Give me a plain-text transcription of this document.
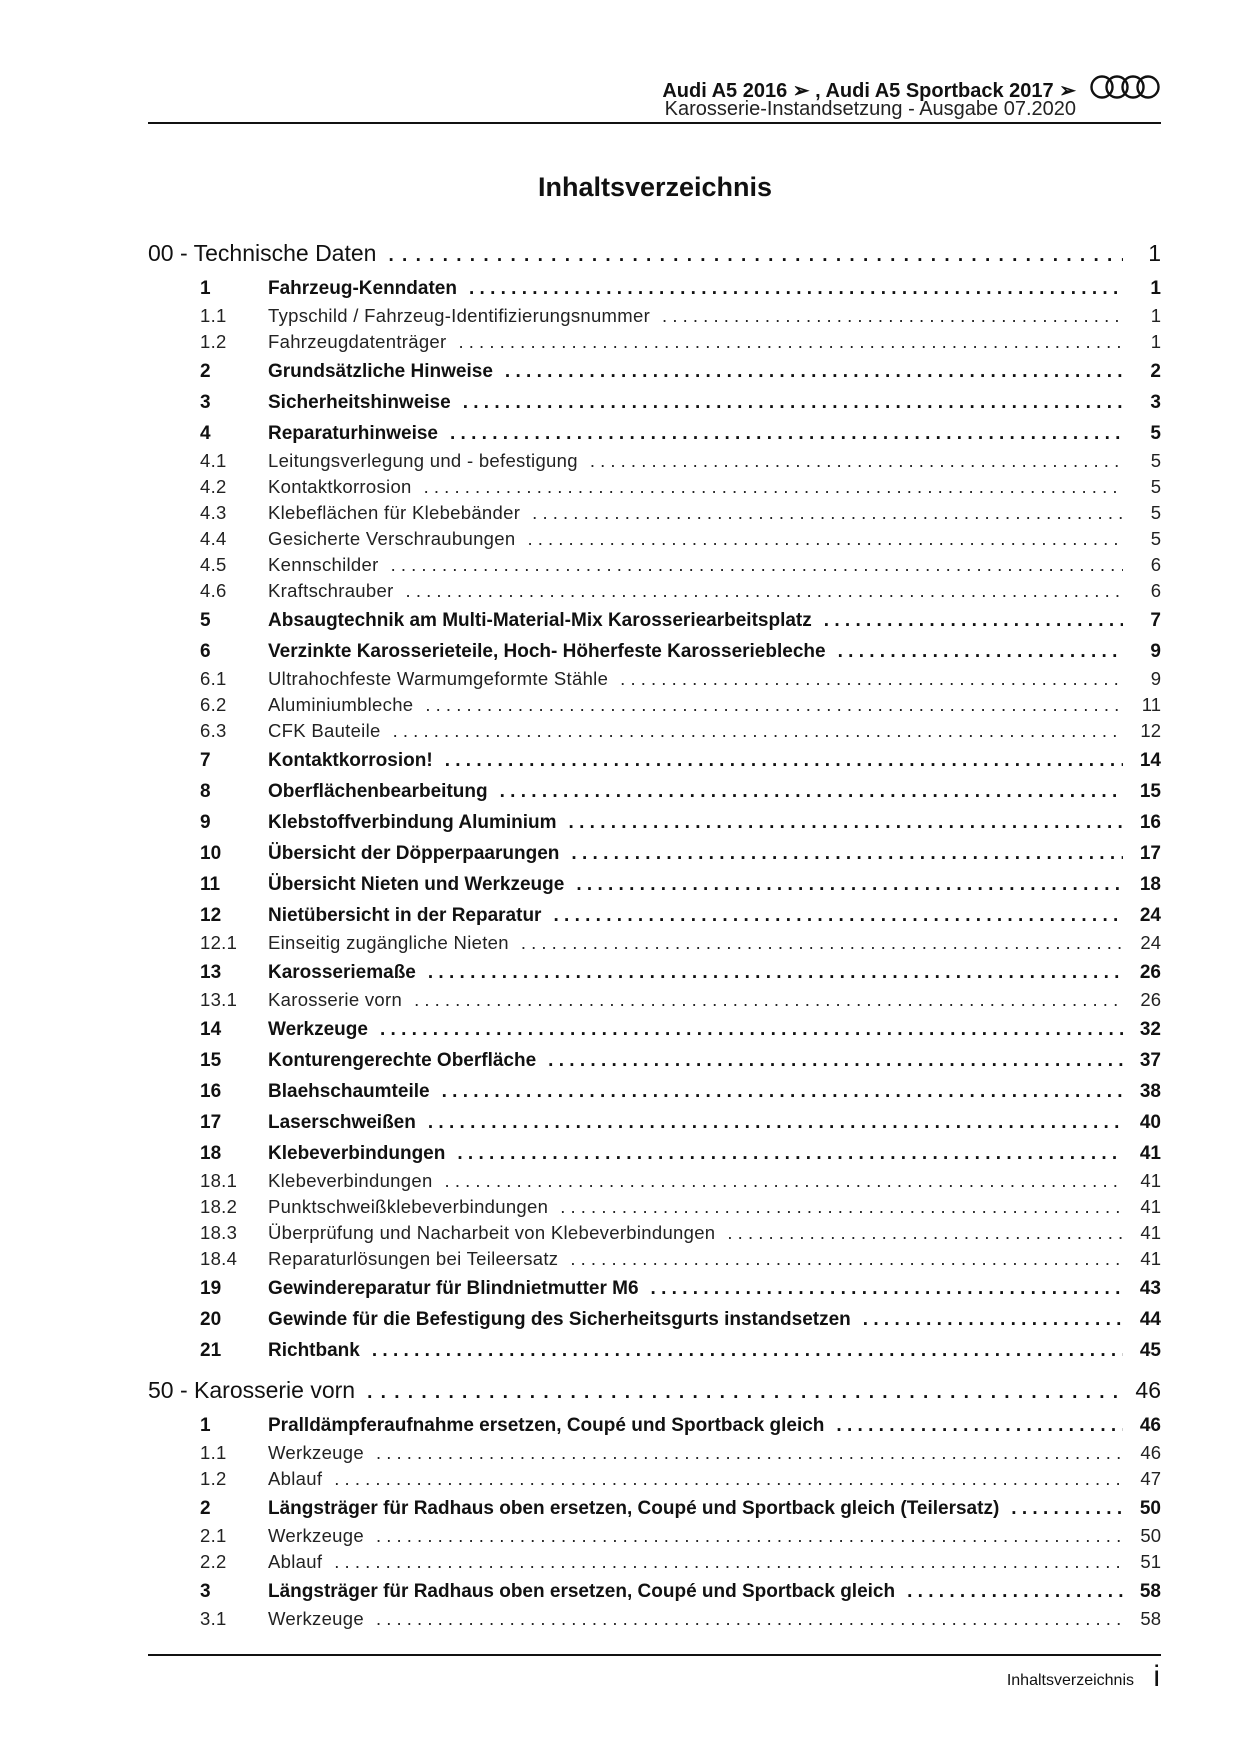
Audi A5 2016 ➢ , Audi A5 Sportback 2017 ➢
Karosserie-Instandsetzung - Ausgabe 07.2020
Inhaltsverzeichnis
00 - Technische Daten . . .	1
1	Fahrzeug-Kenndaten . . .	1
1.1	Typschild / Fahrzeug-Identifizierungsnummer . . .	1
1.2	Fahrzeugdatenträger . . .	1
2	Grundsätzliche Hinweise . . .	2
3	Sicherheitshinweise . . .	3
4	Reparaturhinweise . . .	5
4.1	Leitungsverlegung und - befestigung . . .	5
4.2	Kontaktkorrosion . . .	5
4.3	Klebeflächen für Klebebänder . . .	5
4.4	Gesicherte Verschraubungen . . .	5
4.5	Kennschilder . . .	6
4.6	Kraftschrauber . . .	6
5	Absaugtechnik am Multi-Material-Mix Karosseriearbeitsplatz . . .	7
6	Verzinkte Karosserieteile, Hoch- Höherfeste Karosseriebleche . . .	9
6.1	Ultrahochfeste Warmumgeformte Stähle . . .	9
6.2	Aluminiumbleche . . .	11
6.3	CFK Bauteile . . .	12
7	Kontaktkorrosion! . . .	14
8	Oberflächenbearbeitung . . .	15
9	Klebstoffverbindung Aluminium . . .	16
10	Übersicht der Döpperpaarungen . . .	17
11	Übersicht Nieten und Werkzeuge . . .	18
12	Nietübersicht in der Reparatur . . .	24
12.1	Einseitig zugängliche Nieten . . .	24
13	Karosseriemaße . . .	26
13.1	Karosserie vorn . . .	26
14	Werkzeuge . . .	32
15	Konturengerechte Oberfläche . . .	37
16	Blaehschaumteile . . .	38
17	Laserschweißen . . .	40
18	Klebeverbindungen . . .	41
18.1	Klebeverbindungen . . .	41
18.2	Punktschweißklebeverbindungen . . .	41
18.3	Überprüfung und Nacharbeit von Klebeverbindungen . . .	41
18.4	Reparaturlösungen bei Teileersatz . . .	41
19	Gewindereparatur für Blindnietmutter M6 . . .	43
20	Gewinde für die Befestigung des Sicherheitsgurts instandsetzen . . .	44
21	Richtbank . . .	45
50 - Karosserie vorn . . .	46
1	Pralldämpferaufnahme ersetzen, Coupé und Sportback gleich . . .	46
1.1	Werkzeuge . . .	46
1.2	Ablauf . . .	47
2	Längsträger für Radhaus oben ersetzen, Coupé und Sportback gleich (Teilersatz) . . .	50
2.1	Werkzeuge . . .	50
2.2	Ablauf . . .	51
3	Längsträger für Radhaus oben ersetzen, Coupé und Sportback gleich . . .	58
3.1	Werkzeuge . . .	58
Inhaltsverzeichnis i
